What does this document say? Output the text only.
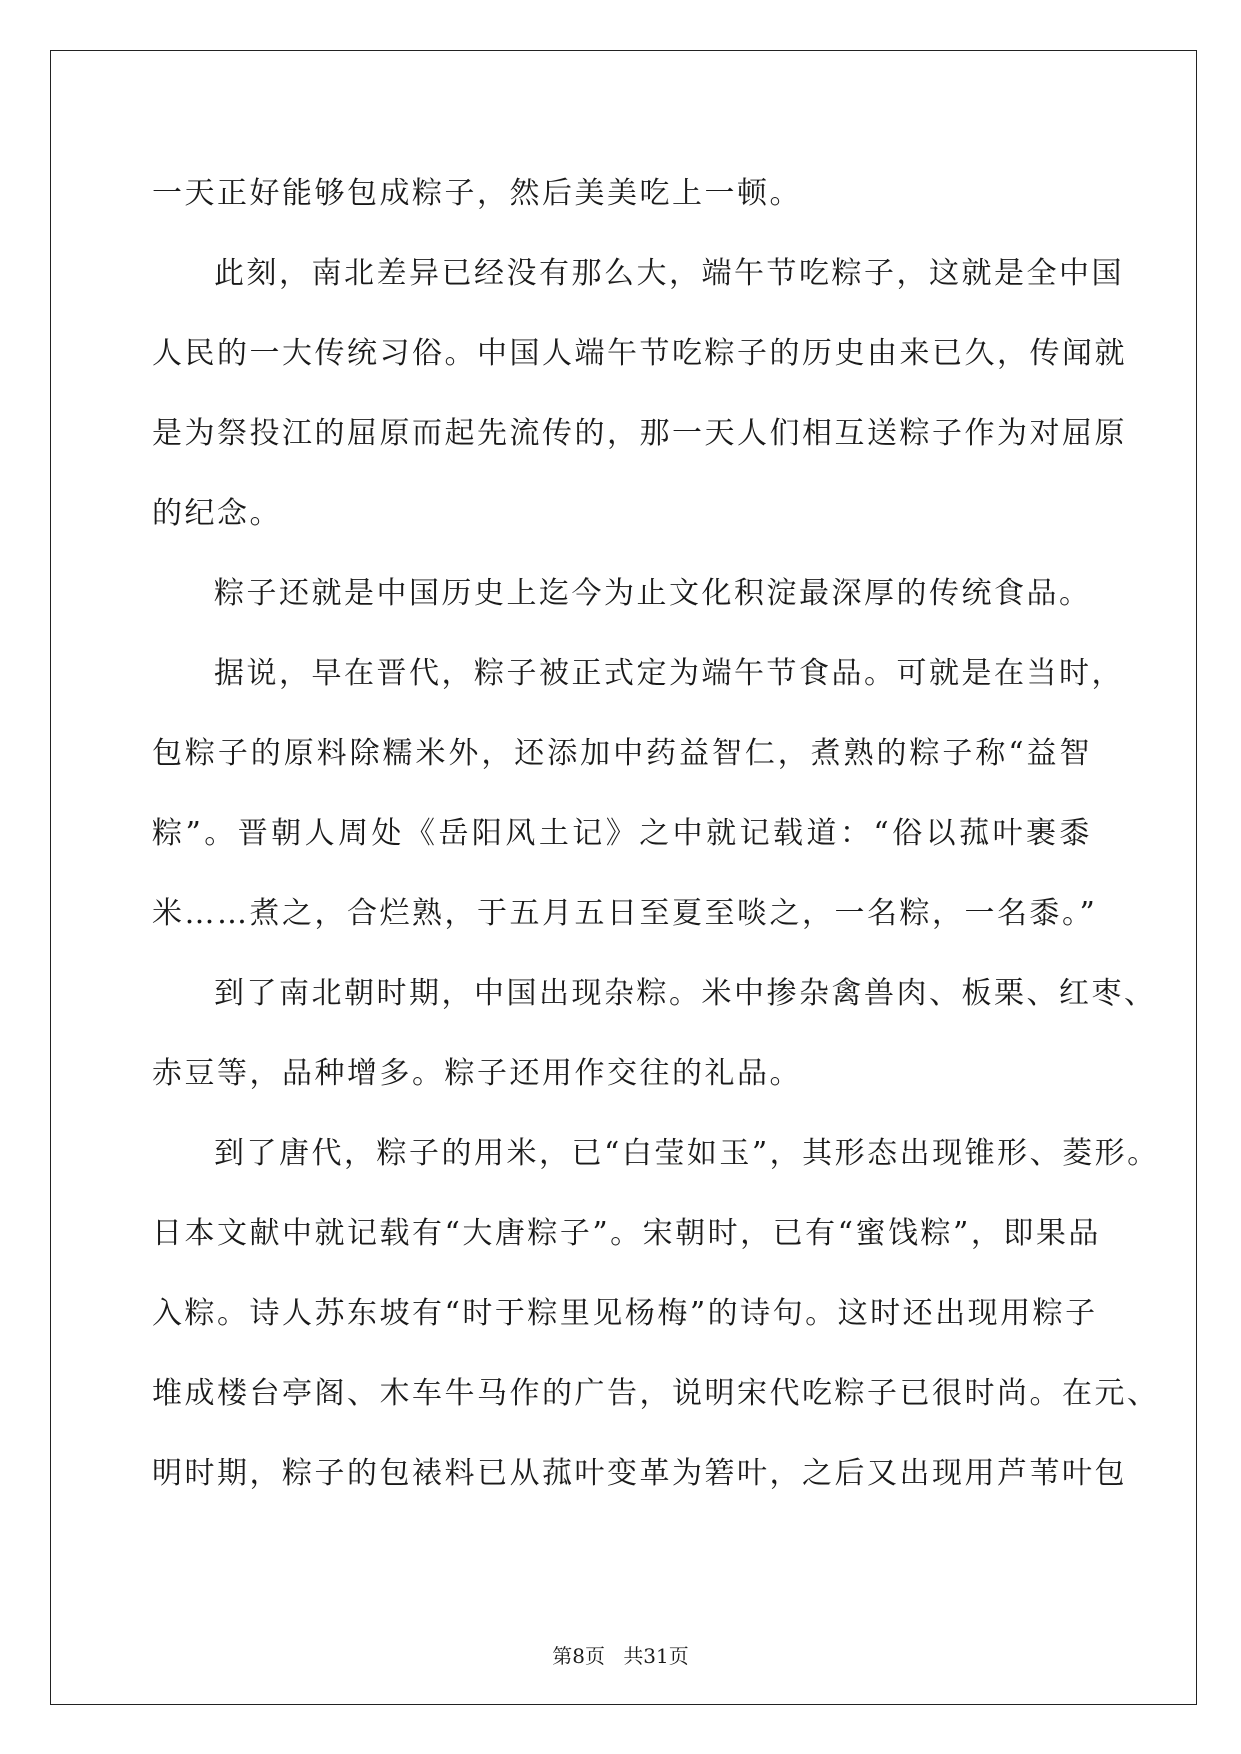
一天正好能够包成粽子，然后美美吃上一顿。
此刻，南北差异已经没有那么大，端午节吃粽子，这就是全中国
人民的一大传统习俗。中国人端午节吃粽子的历史由来已久，传闻就
是为祭投江的屈原而起先流传的，那一天人们相互送粽子作为对屈原
的纪念。
粽子还就是中国历史上迄今为止文化积淀最深厚的传统食品。
据说，早在晋代，粽子被正式定为端午节食品。可就是在当时，
包粽子的原料除糯米外，还添加中药益智仁，煮熟的粽子称“益智
粽”。晋朝人周处《岳阳风土记》之中就记载道：“俗以菰叶裹黍
米……煮之，合烂熟，于五月五日至夏至啖之，一名粽，一名黍。”
到了南北朝时期，中国出现杂粽。米中掺杂禽兽肉、板栗、红枣、
赤豆等，品种增多。粽子还用作交往的礼品。
到了唐代，粽子的用米，已“白莹如玉”，其形态出现锥形、菱形。
日本文献中就记载有“大唐粽子”。宋朝时，已有“蜜饯粽”，即果品
入粽。诗人苏东坡有“时于粽里见杨梅”的诗句。这时还出现用粽子
堆成楼台亭阁、木车牛马作的广告，说明宋代吃粽子已很时尚。在元、
明时期，粽子的包裱料已从菰叶变革为箬叶，之后又出现用芦苇叶包
第8页 共31页
